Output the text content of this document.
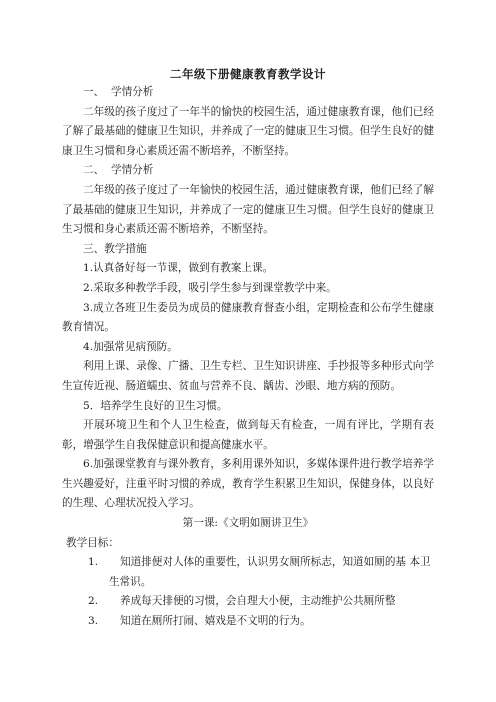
二年级下册健康教育教学设计
一、 学情分析

二年级的孩子度过了一年半的愉快的校园生活，通过健康教育课，他们已经了解了最基础的健康卫生知识，并养成了一定的健康卫生习惯。但学生良好的健康卫生习惯和身心素质还需不断培养，不断坚持。

二、 学情分析

二年级的孩子度过了一年愉快的校园生活，通过健康教育课，他们已经了解了最基础的健康卫生知识，并养成了一定的健康卫生习惯。但学生良好的健康卫生习惯和身心素质还需不断培养，不断坚持。

三、教学措施

1.认真备好每一节课，做到有教案上课。

2.采取多种教学手段，吸引学生参与到课堂教学中来。

3.成立各班卫生委员为成员的健康教育督查小组，定期检查和公布学生健康教育情况。

4.加强常见病预防。

利用上课、录像、广播、卫生专栏、卫生知识讲座、手抄报等多种形式向学生宣传近视、肠道蠕虫、贫血与营养不良、龋齿、沙眼、地方病的预防。

5．培养学生良好的卫生习惯。

开展环境卫生和个人卫生检查，做到每天有检查，一周有评比，学期有表彰，增强学生自我保健意识和提高健康水平。

6.加强课堂教育与课外教育，多利用课外知识，多媒体课件进行教学培养学生兴趣爱好，注重平时习惯的养成，教育学生积累卫生知识，保健身体，以良好的生理、心理状况投入学习。

第一课:《文明如厕讲卫生》

教学目标：

1. 知道排便对人体的重要性，认识男女厕所标志，知道如厕的基 本卫生常识。

2. 养成每天排便的习惯，会自理大小便，主动维护公共厕所整

3. 知道在厕所打闹、嬉戏是不文明的行为。
